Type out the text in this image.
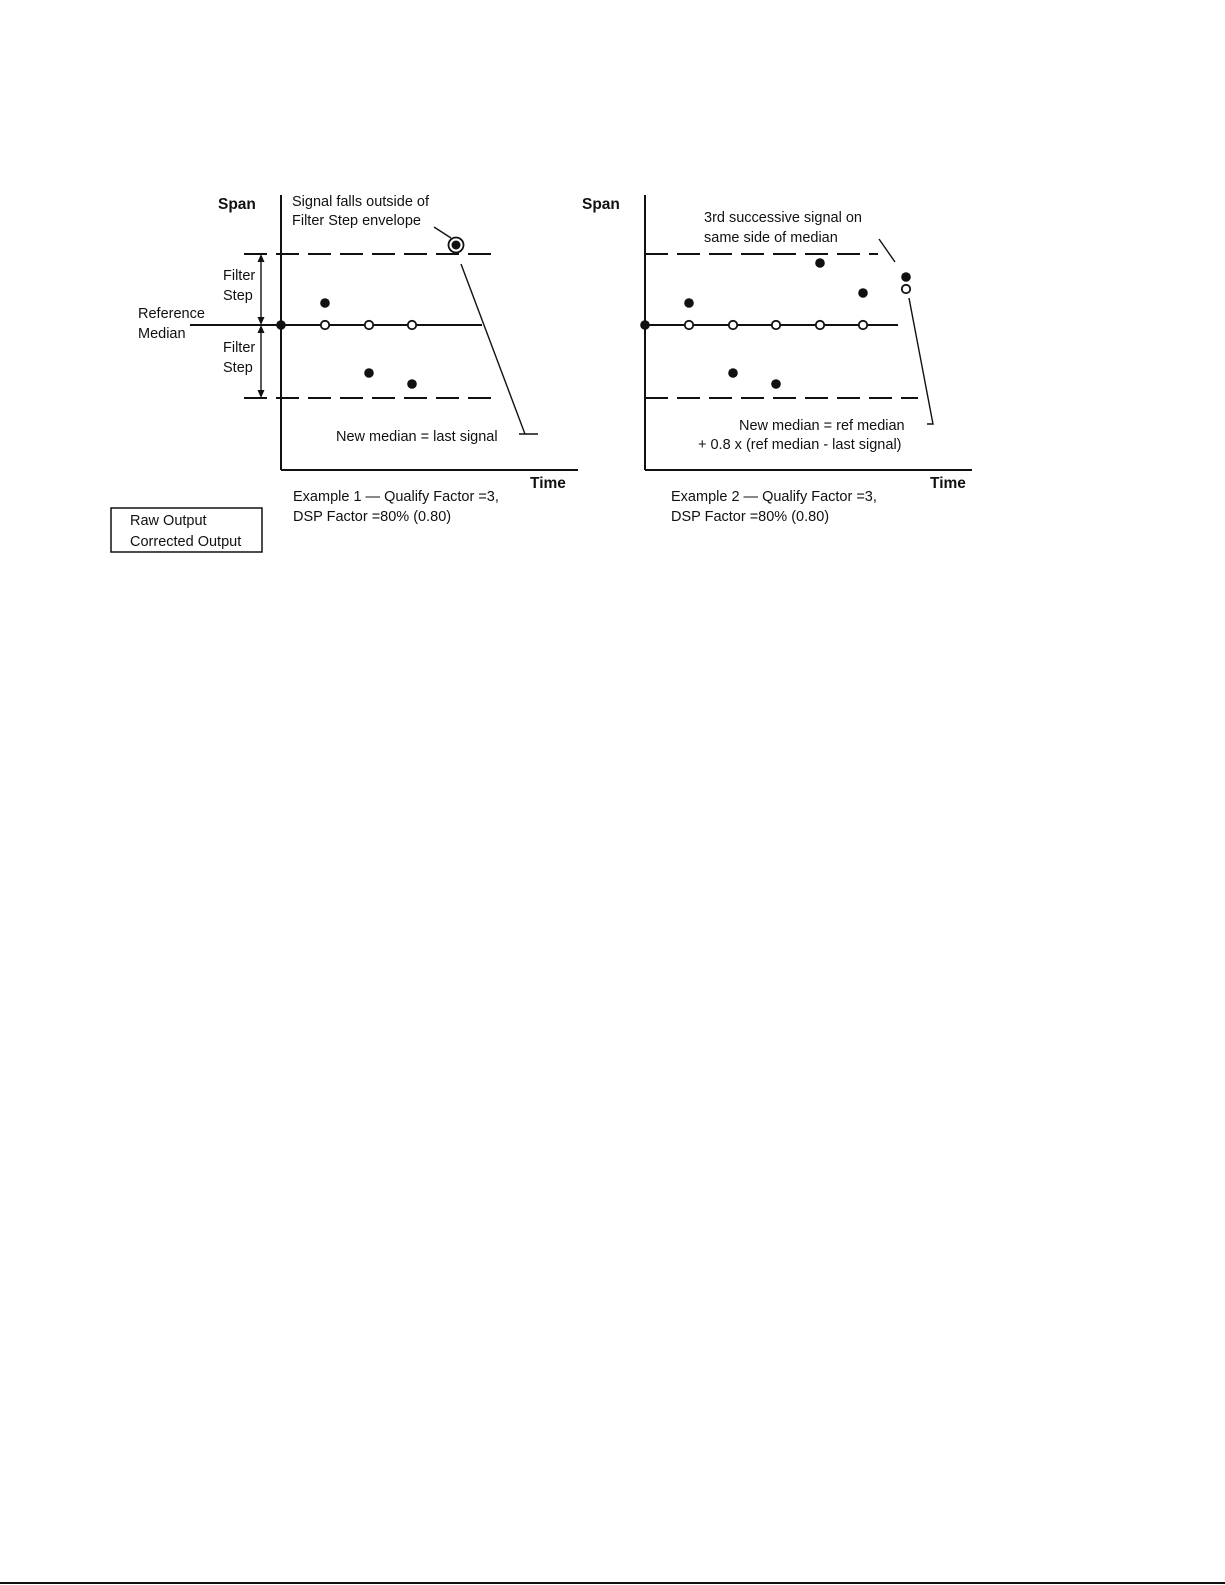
Span
Time
Reference
Median
Filter
Step
Filter
Step
Signal falls outside of
Filter Step envelope
New median = last signal
Example 1 — Qualify Factor =3,
DSP Factor =80% (0.80)
Span
Time
3rd successive signal on
same side of median
New median = ref median
+ 0.8 x (ref median - last signal)
Example 2 — Qualify Factor =3,
DSP Factor =80% (0.80)
Raw Output
Corrected Output
